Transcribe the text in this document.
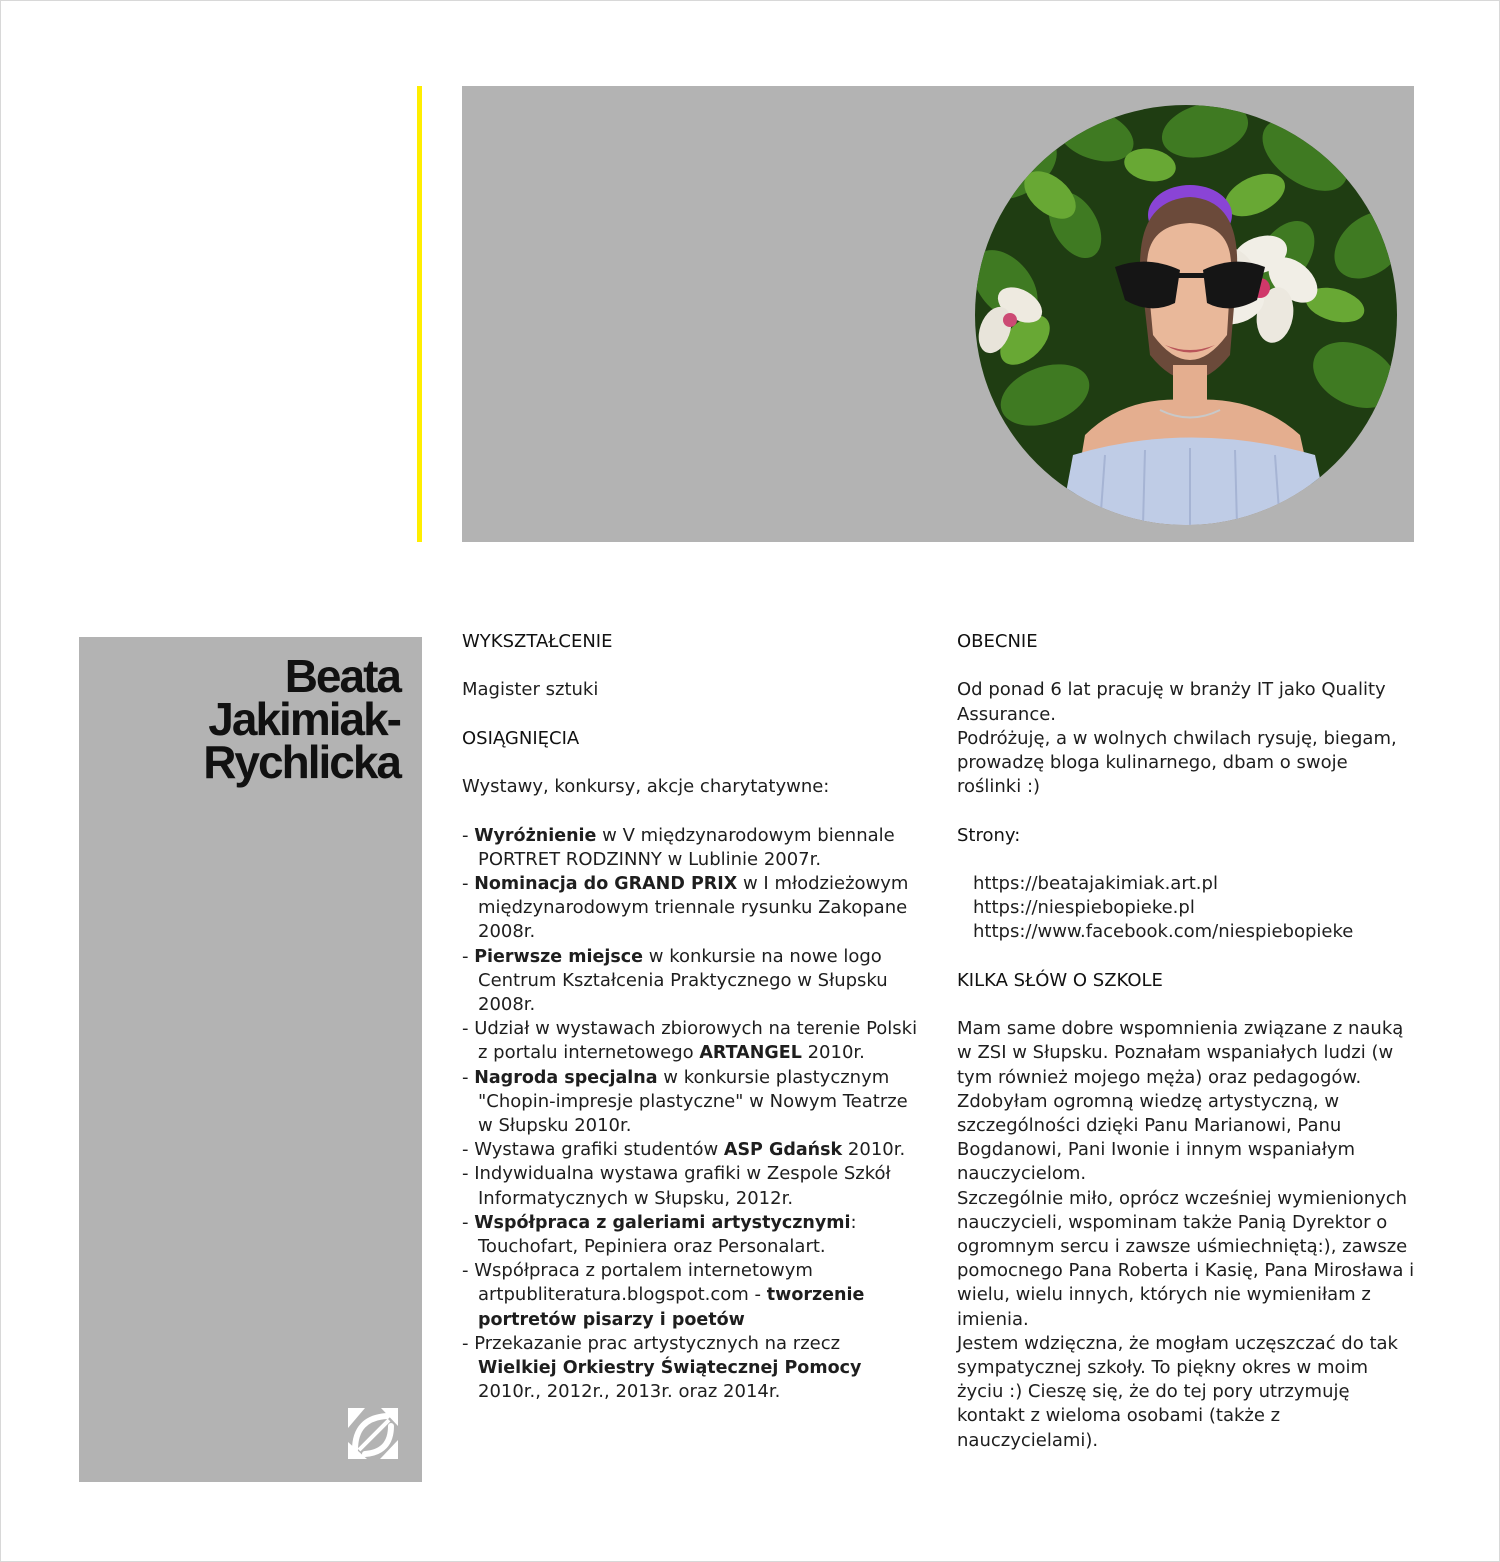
Beata
Jakimiak-
Rychlicka
WYKSZTAŁCENIE
Magister sztuki
OSIĄGNIĘCIA
Wystawy, konkursy, akcje charytatywne:
- Wyróżnienie w V międzynarodowym biennale PORTRET RODZINNY w Lublinie 2007r.
- Nominacja do GRAND PRIX w I młodzieżowym międzynarodowym triennale rysunku Zakopane 2008r.
- Pierwsze miejsce w konkursie na nowe logo Centrum Kształcenia Praktycznego w Słupsku 2008r.
- Udział w wystawach zbiorowych na terenie Polski z portalu internetowego ARTANGEL 2010r.
- Nagroda specjalna w konkursie plastycznym "Chopin-impresje plastyczne" w Nowym Teatrze w Słupsku 2010r.
- Wystawa grafiki studentów ASP Gdańsk 2010r.
- Indywidualna wystawa grafiki w Zespole Szkół Informatycznych w Słupsku, 2012r.
- Współpraca z galeriami artystycznymi: Touchofart, Pepiniera oraz Personalart.
- Współpraca z portalem internetowym artpubliteratura.blogspot.com - tworzenie portretów pisarzy i poetów
- Przekazanie prac artystycznych na rzecz Wielkiej Orkiestry Świątecznej Pomocy 2010r., 2012r., 2013r. oraz 2014r.
OBECNIE

Od ponad 6 lat pracuję w branży IT jako Quality Assurance.

Podróżuję, a w wolnych chwilach rysuję, biegam, prowadzę bloga kulinarnego, dbam o swoje roślinki :)

Strony:
https://beatajakimiak.art.pl
https://niespiebopieke.pl
https://www.facebook.com/niespiebopieke
KILKA SŁÓW O SZKOLE

Mam same dobre wspomnienia związane z nauką w ZSI w Słupsku. Poznałam wspaniałych ludzi (w tym również mojego męża) oraz pedagogów. Zdobyłam ogromną wiedzę artystyczną, w szczególności dzięki Panu Marianowi, Panu Bogdanowi, Pani Iwonie i innym wspaniałym nauczycielom.

Szczególnie miło, oprócz wcześniej wymienionych nauczycieli, wspominam także Panią Dyrektor o ogromnym sercu i zawsze uśmiechniętą:), zawsze pomocnego Pana Roberta i Kasię, Pana Mirosława i wielu, wielu innych, których nie wymieniłam z imienia.

Jestem wdzięczna, że mogłam uczęszczać do tak sympatycznej szkoły. To piękny okres w moim życiu :) Cieszę się, że do tej pory utrzymuję kontakt z wieloma osobami (także z nauczycielami).
